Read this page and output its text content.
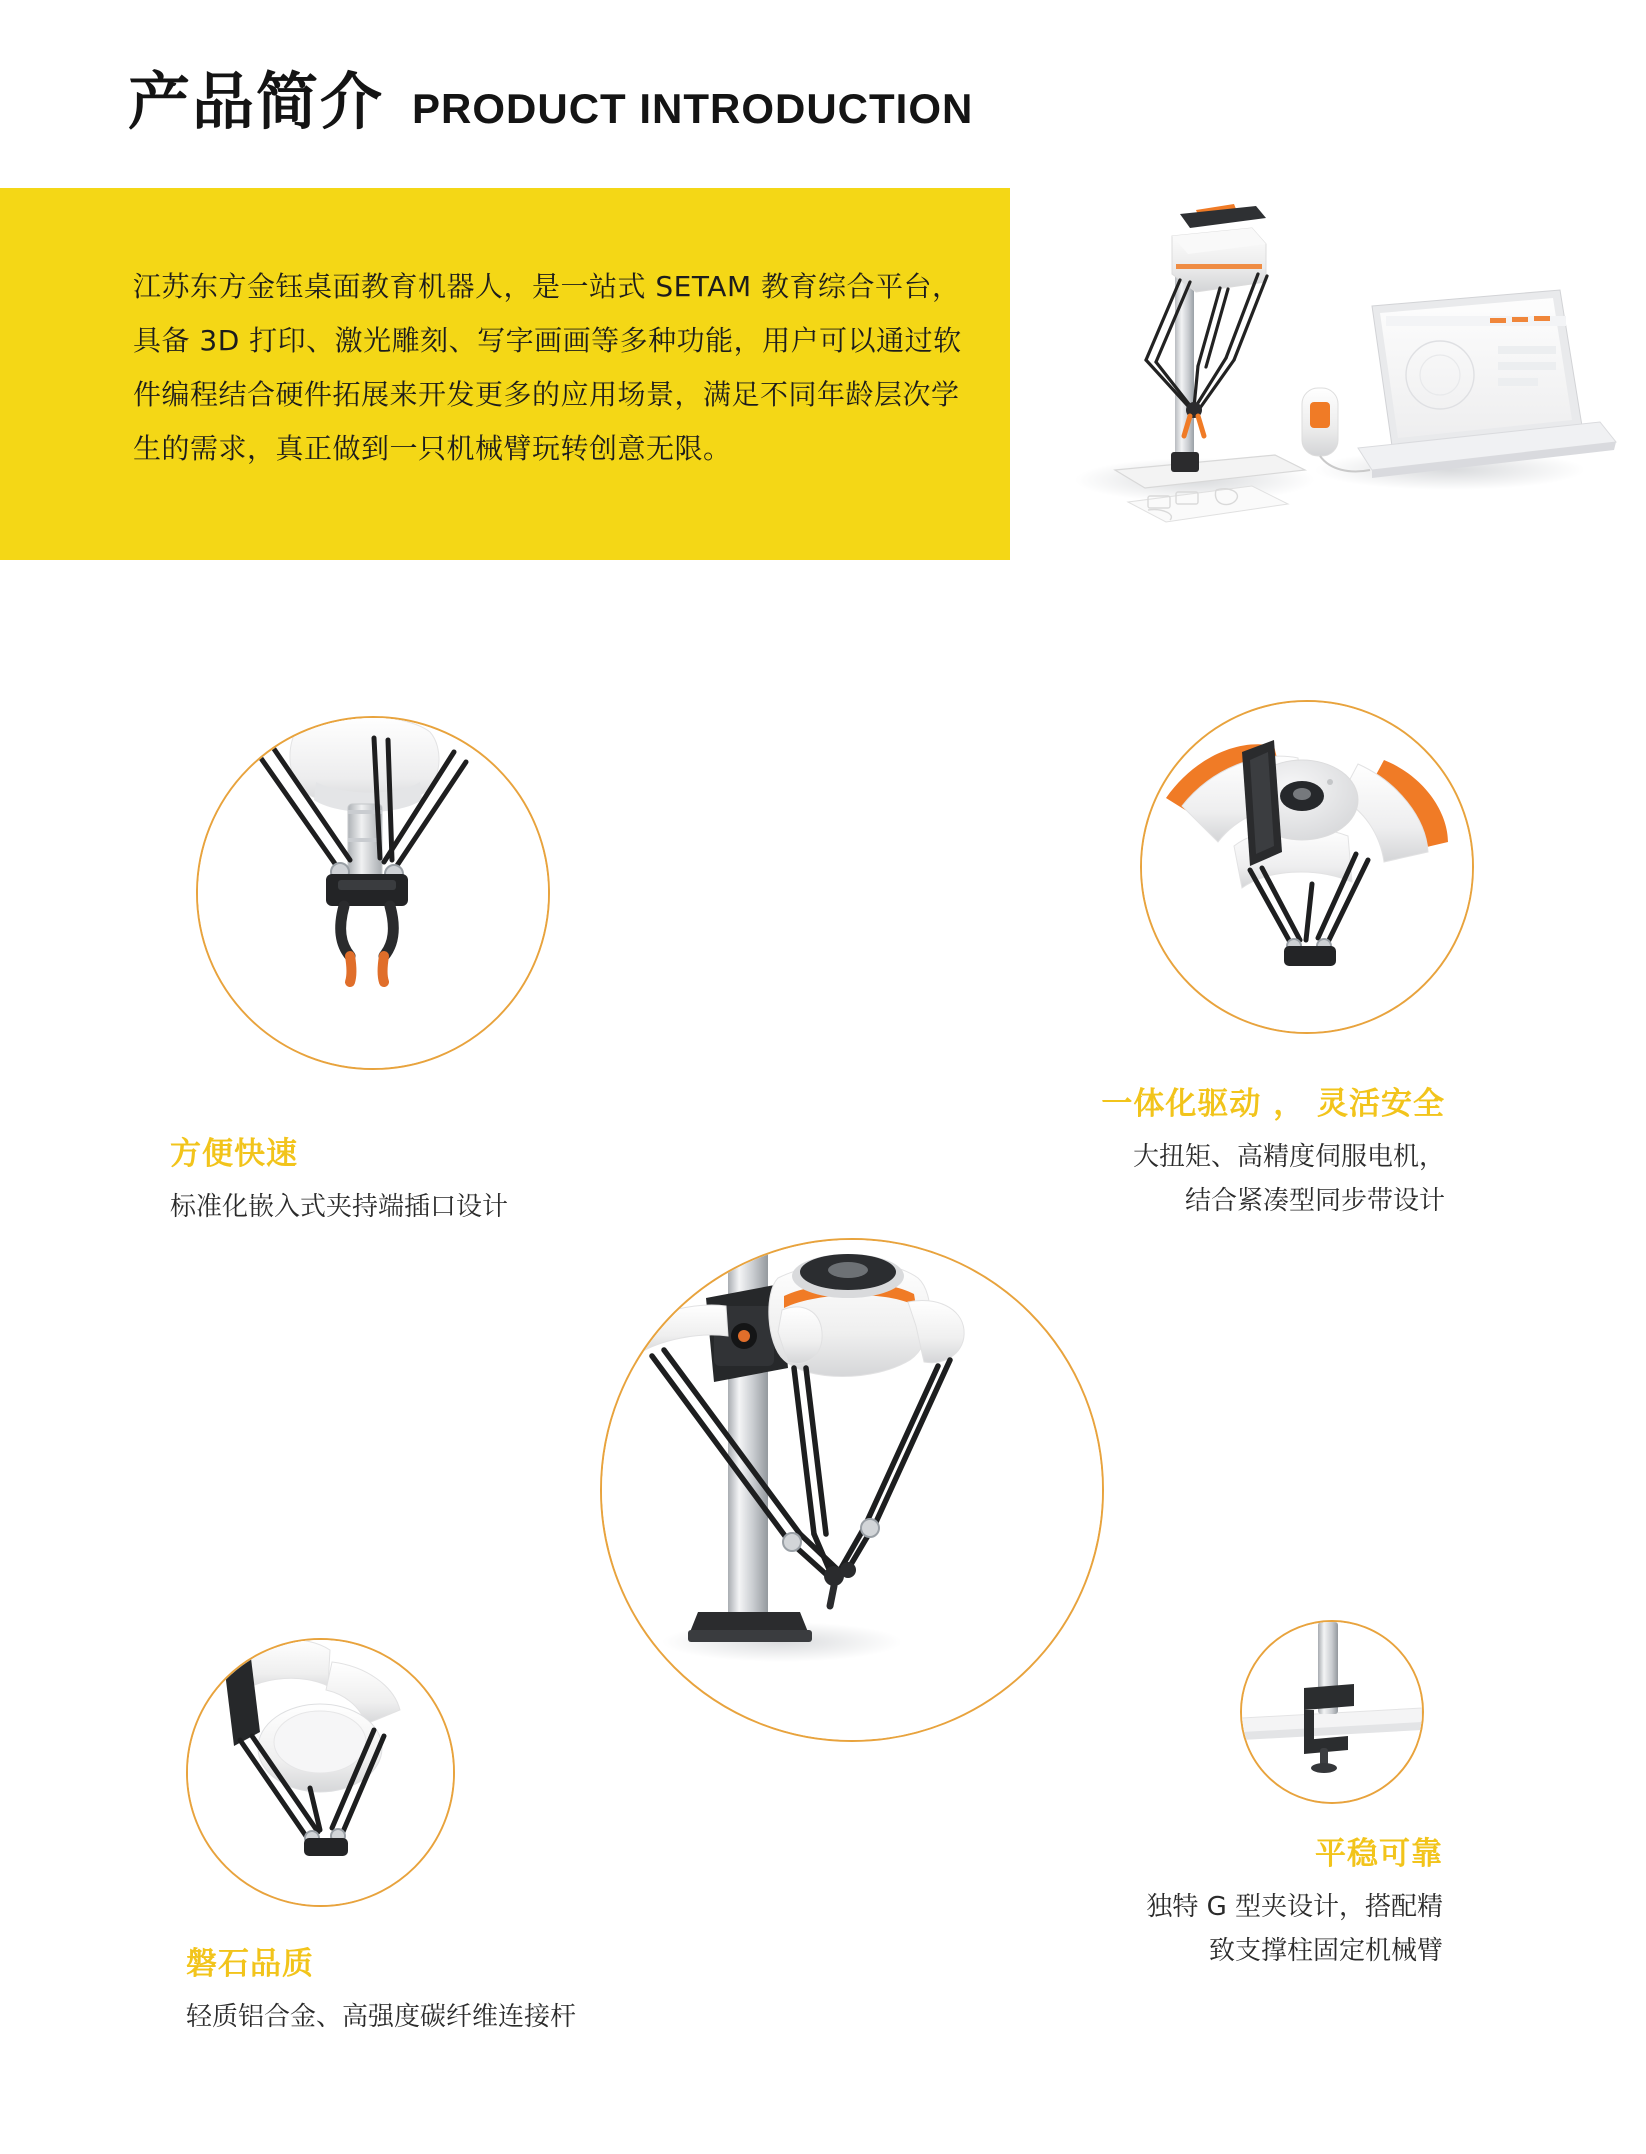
产品简介 PRODUCT INTRODUCTION
江苏东方金钰桌面教育机器人，是一站式 SETAM 教育综合平台，具备 3D 打印、激光雕刻、写字画画等多种功能，用户可以通过软件编程结合硬件拓展来开发更多的应用场景，满足不同年龄层次学生的需求，真正做到一只机械臂玩转创意无限。
方便快速
标准化嵌入式夹持端插口设计
一体化驱动 ， 灵活安全
大扭矩、高精度伺服电机，
结合紧凑型同步带设计
磐石品质
轻质铝合金、高强度碳纤维连接杆
平稳可靠
独特 G 型夹设计，搭配精
致支撑柱固定机械臂
